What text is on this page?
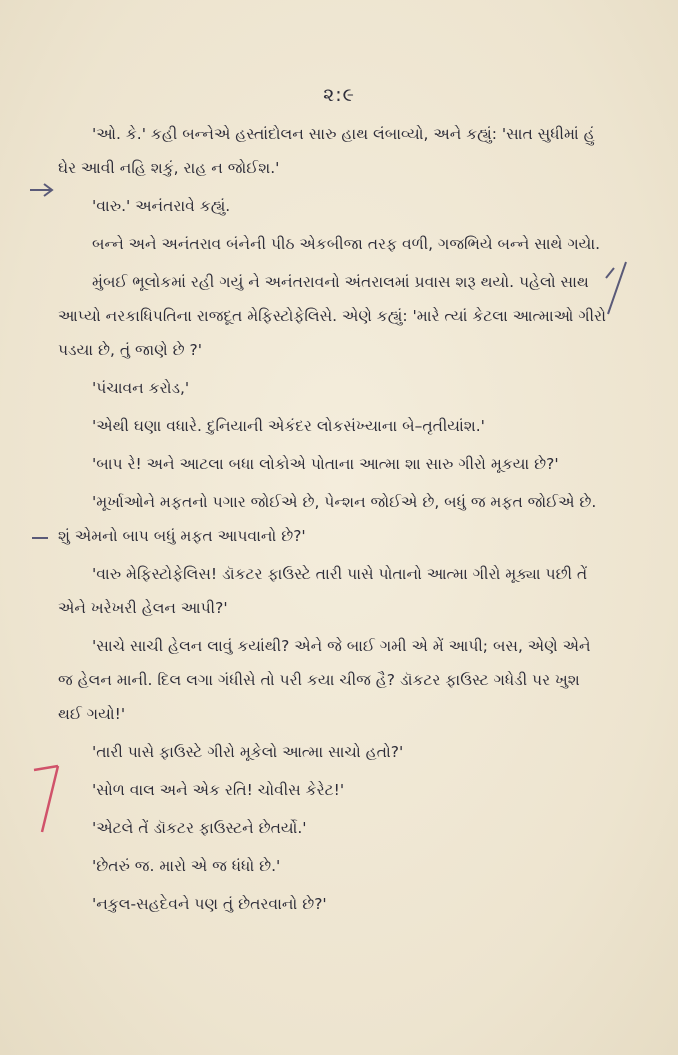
૨:૯

'ઓ. કે.' કહી બન્નેએ હસ્તાંદોલન સારુ હાથ લંબાવ્યો, અને કહ્યું: 'સાત સુધીમાં હું ઘેર આવી નહિ શકું, રાહ ન જોઈશ.'

'વારુ.' અનંતરાવે કહ્યું.

બન્ને અને અનંતરાવ બંનેની પીઠ એકબીજા તરફ વળી, ગજભિયે બન્ને સાથે ગયેા.

મુંબઈ ભૂલોકમાં રહી ગયું ને અનંતરાવનો અંતરાલમાં પ્રવાસ શરૂ થયો. પહેલો સાથ આપ્યો નરકાધિપતિના રાજદૂત મેફિસ્ટોફેલિસે. એણે કહ્યું: 'મારે ત્યાં કેટલા આત્માઓ ગીરો પડયા છે, તું જાણે છે ?'

'પંચાવન કરોડ,'

'એથી ઘણા વધારે. દુનિયાની એકંદર લોકસંખ્યાના બે–તૃતીયાંશ.'

'બાપ રે! અને આટલા બધા લોકોએ પોતાના આત્મા શા સારુ ગીરો મૂકયા છે?'

'મૂર્ખાઓને મફતનો પગાર જોઈએ છે, પેન્શન જોઈએ છે, બધું જ મફત જોઈએ છે. શું એમનો બાપ બધું મફત આપવાનો છે?'

'વારુ મેફિસ્ટોફેલિસ! ડૉકટર ફાઉસ્ટે તારી પાસે પોતાનો આત્મા ગીરો મૂક્યા પછી તેં એને ખરેખરી હેલન આપી?'

'સાચે સાચી હેલન લાવું કયાંથી? એને જે બાઈ ગમી એ મેં આપી; બસ, એણે એને જ હેલન માની. દિલ લગા ગંધીસે તો પરી કયા ચીજ હૈ? ડૉકટર ફાઉસ્ટ ગધેડી પર ખુશ થઈ ગયો!'

'તારી પાસે ફાઉસ્ટે ગીરો મૂકેલો આત્મા સાચો હતો?'

'સોળ વાલ અને એક રતિ! ચોવીસ કેરેટ!'

'એટલે તેં ડૉકટર ફાઉસ્ટને છેતર્યો.'

'છેતરું જ. મારો એ જ ધંધો છે.'

'નકુલ-સહદેવને પણ તું છેતરવાનો છે?'
